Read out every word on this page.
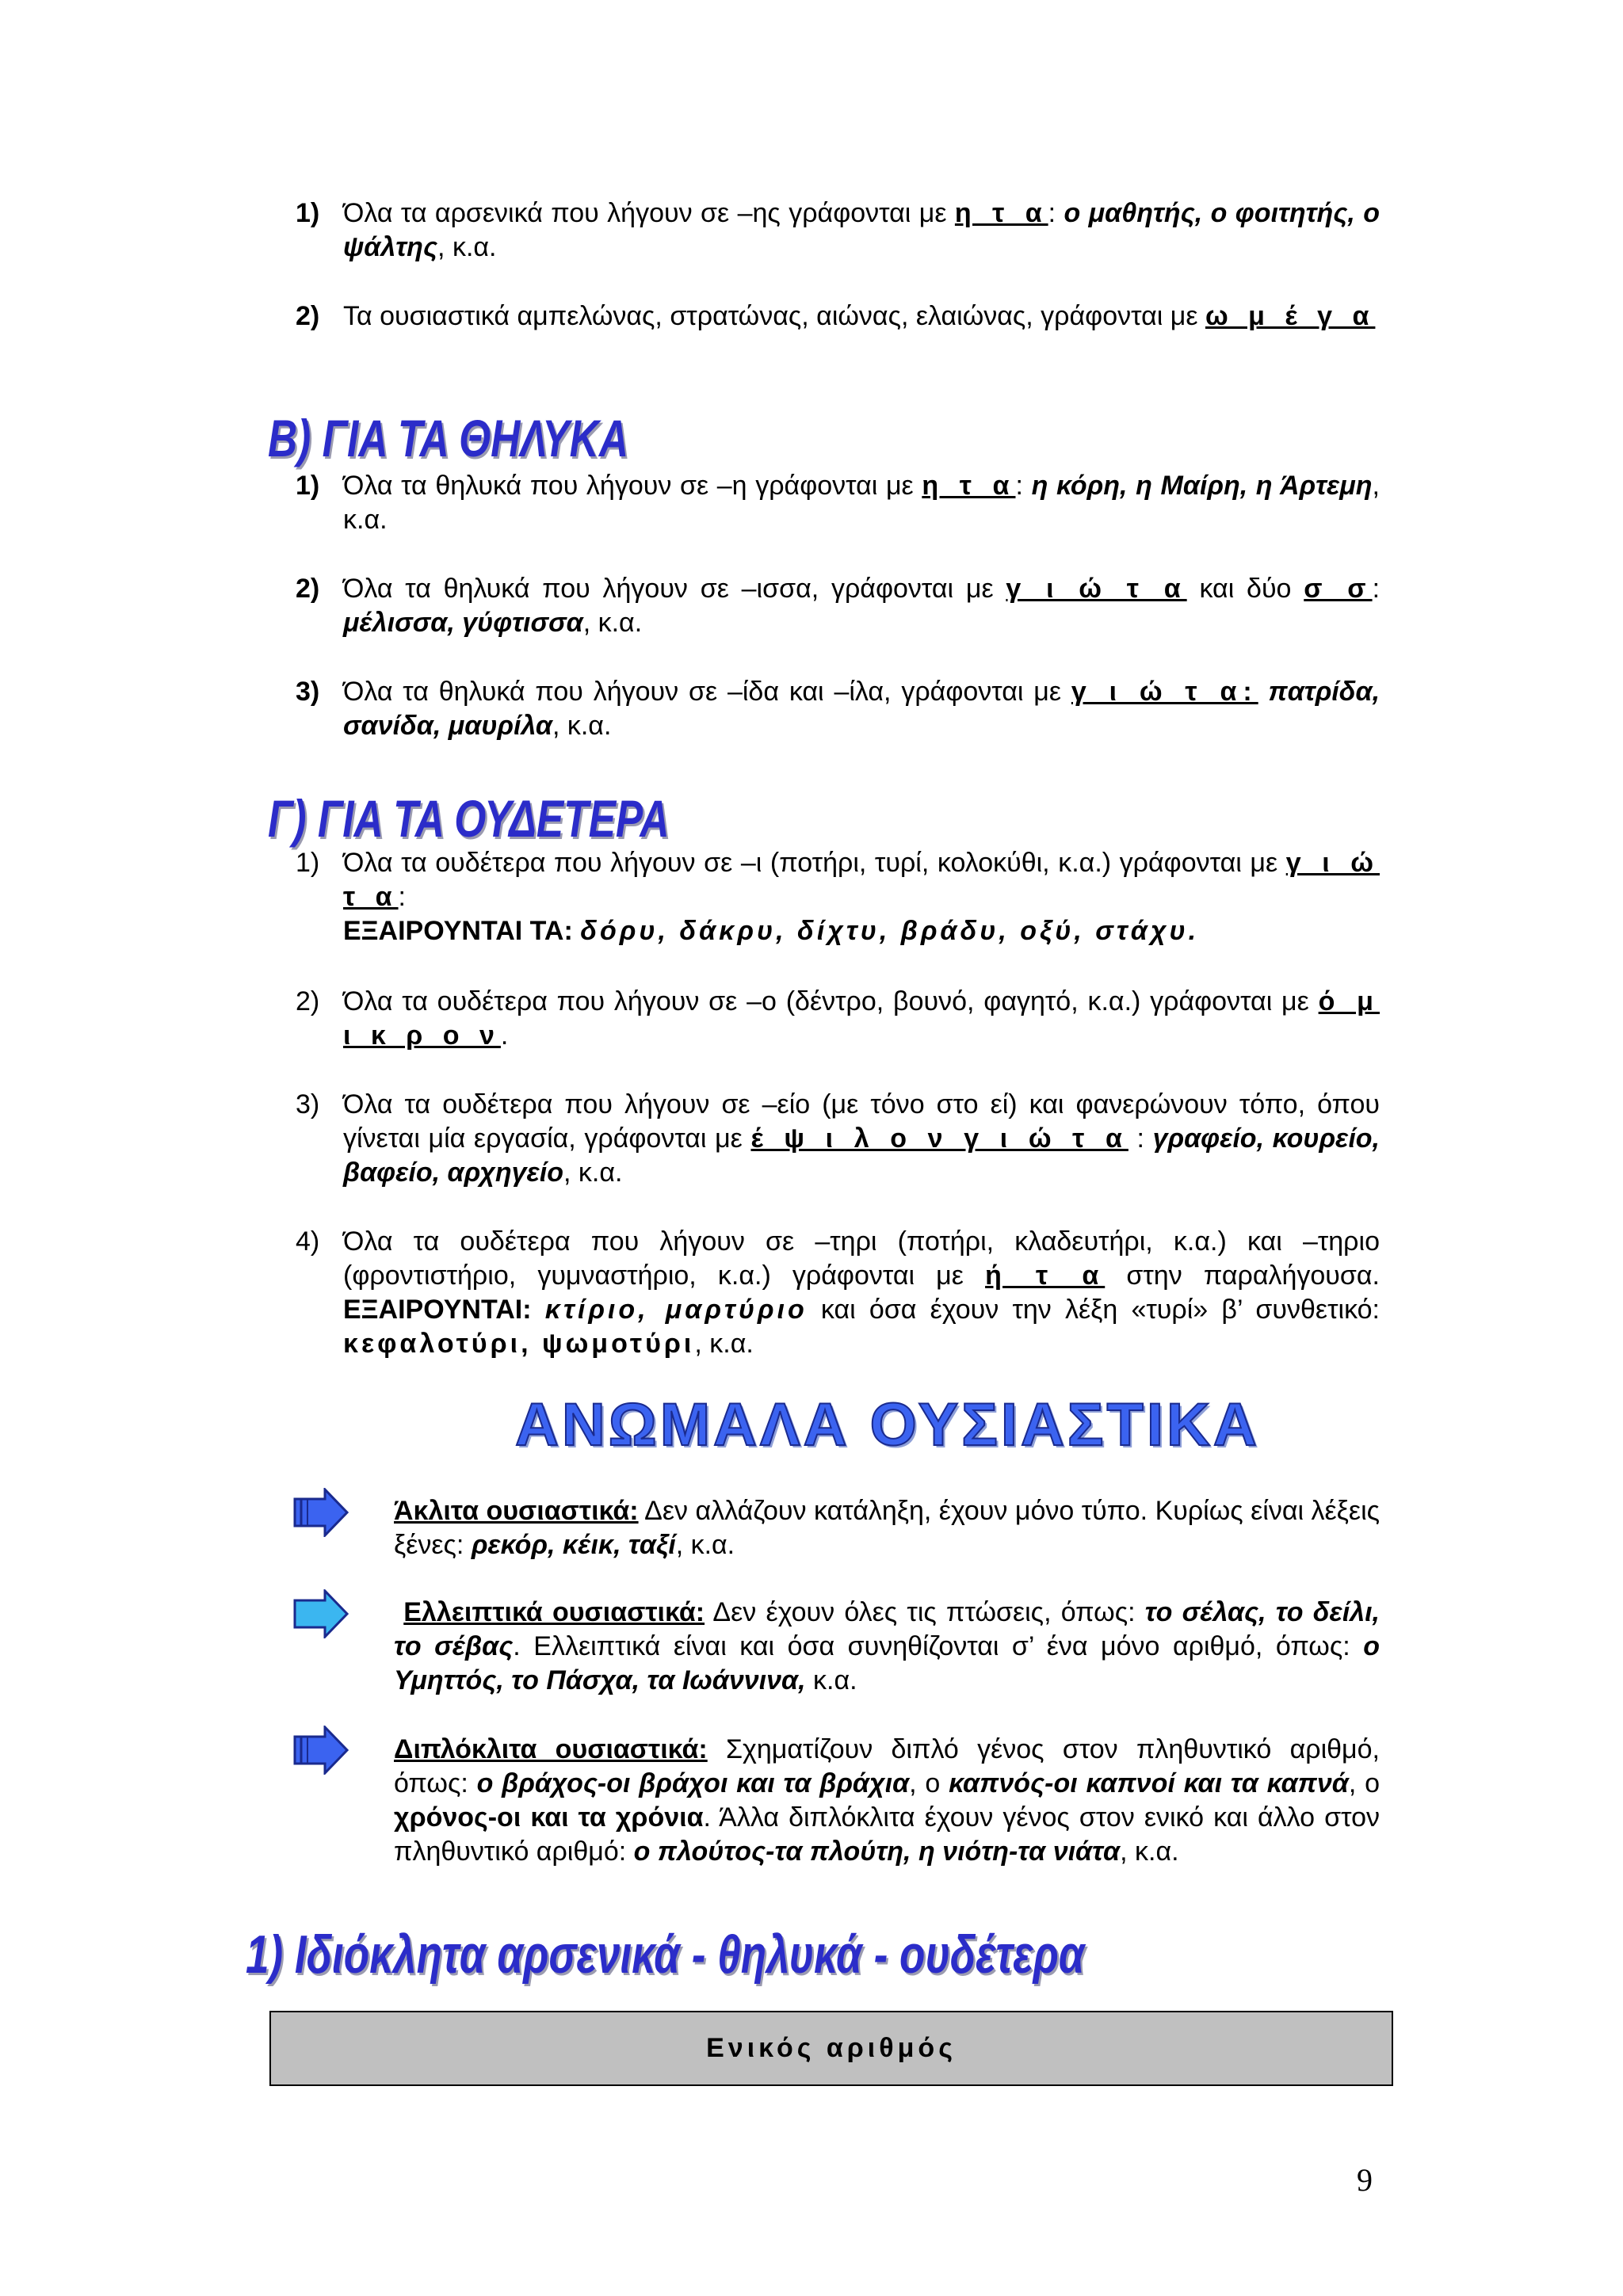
1) Όλα τα αρσενικά που λήγουν σε –ης γράφονται με η τ α: ο μαθητής, ο φοιτητής, ο ψάλτης, κ.α.
2) Τα ουσιαστικά αμπελώνας, στρατώνας, αιώνας, ελαιώνας, γράφονται με ω μ έ γ α
Β) ΓΙΑ ΤΑ ΘΗΛΥΚΑ
1) Όλα τα θηλυκά που λήγουν σε –η γράφονται με η τ α: η κόρη, η Μαίρη, η Άρτεμη, κ.α.
2) Όλα τα θηλυκά που λήγουν σε –ισσα, γράφονται με γ ι ώ τ α και δύο σ σ: μέλισσα, γύφτισσα, κ.α.
3) Όλα τα θηλυκά που λήγουν σε –ίδα και –ίλα, γράφονται με γ ι ώ τ α: πατρίδα, σανίδα, μαυρίλα, κ.α.
Γ) ΓΙΑ ΤΑ ΟΥΔΕΤΕΡΑ
1) Όλα τα ουδέτερα που λήγουν σε –ι (ποτήρι, τυρί, κολοκύθι, κ.α.) γράφονται με γ ι ώ τ α:
ΕΞΑΙΡΟΥΝΤΑΙ ΤΑ: δόρυ, δάκρυ, δίχτυ, βράδυ, οξύ, στάχυ.
2) Όλα τα ουδέτερα που λήγουν σε –ο (δέντρο, βουνό, φαγητό, κ.α.) γράφονται με ό μ ι κ ρ ο ν.
3) Όλα τα ουδέτερα που λήγουν σε –είο (με τόνο στο εί) και φανερώνουν τόπο, όπου γίνεται μία εργασία, γράφονται με έ ψ ι λ ο ν γ ι ώ τ α : γραφείο, κουρείο, βαφείο, αρχηγείο, κ.α.
4) Όλα τα ουδέτερα που λήγουν σε –τηρι (ποτήρι, κλαδευτήρι, κ.α.) και –τηριο (φροντιστήριο, γυμναστήριο, κ.α.) γράφονται με ή τ α στην παραλήγουσα. ΕΞΑΙΡΟΥΝΤΑΙ: κτίριο, μαρτύριο και όσα έχουν την λέξη «τυρί» β’ συνθετικό: κεφαλοτύρι, ψωμοτύρι, κ.α.
ΑΝΩΜΑΛΑ ΟΥΣΙΑΣΤΙΚΑ
Άκλιτα ουσιαστικά: Δεν αλλάζουν κατάληξη, έχουν μόνο τύπο. Κυρίως είναι λέξεις ξένες: ρεκόρ, κέικ, ταξί, κ.α.
Ελλειπτικά ουσιαστικά: Δεν έχουν όλες τις πτώσεις, όπως: το σέλας, το δείλι, το σέβας. Ελλειπτικά είναι και όσα συνηθίζονται σ’ ένα μόνο αριθμό, όπως: ο Υμηττός, το Πάσχα, τα Ιωάννινα, κ.α.
Διπλόκλιτα ουσιαστικά: Σχηματίζουν διπλό γένος στον πληθυντικό αριθμό, όπως: ο βράχος-οι βράχοι και τα βράχια, ο καπνός-οι καπνοί και τα καπνά, ο χρόνος-οι και τα χρόνια. Άλλα διπλόκλιτα έχουν γένος στον ενικό και άλλο στον πληθυντικό αριθμό: ο πλούτος-τα πλούτη, η νιότη-τα νιάτα, κ.α.
1) Ιδιόκλητα αρσενικά - θηλυκά - ουδέτερα
Ενικός αριθμός
9
